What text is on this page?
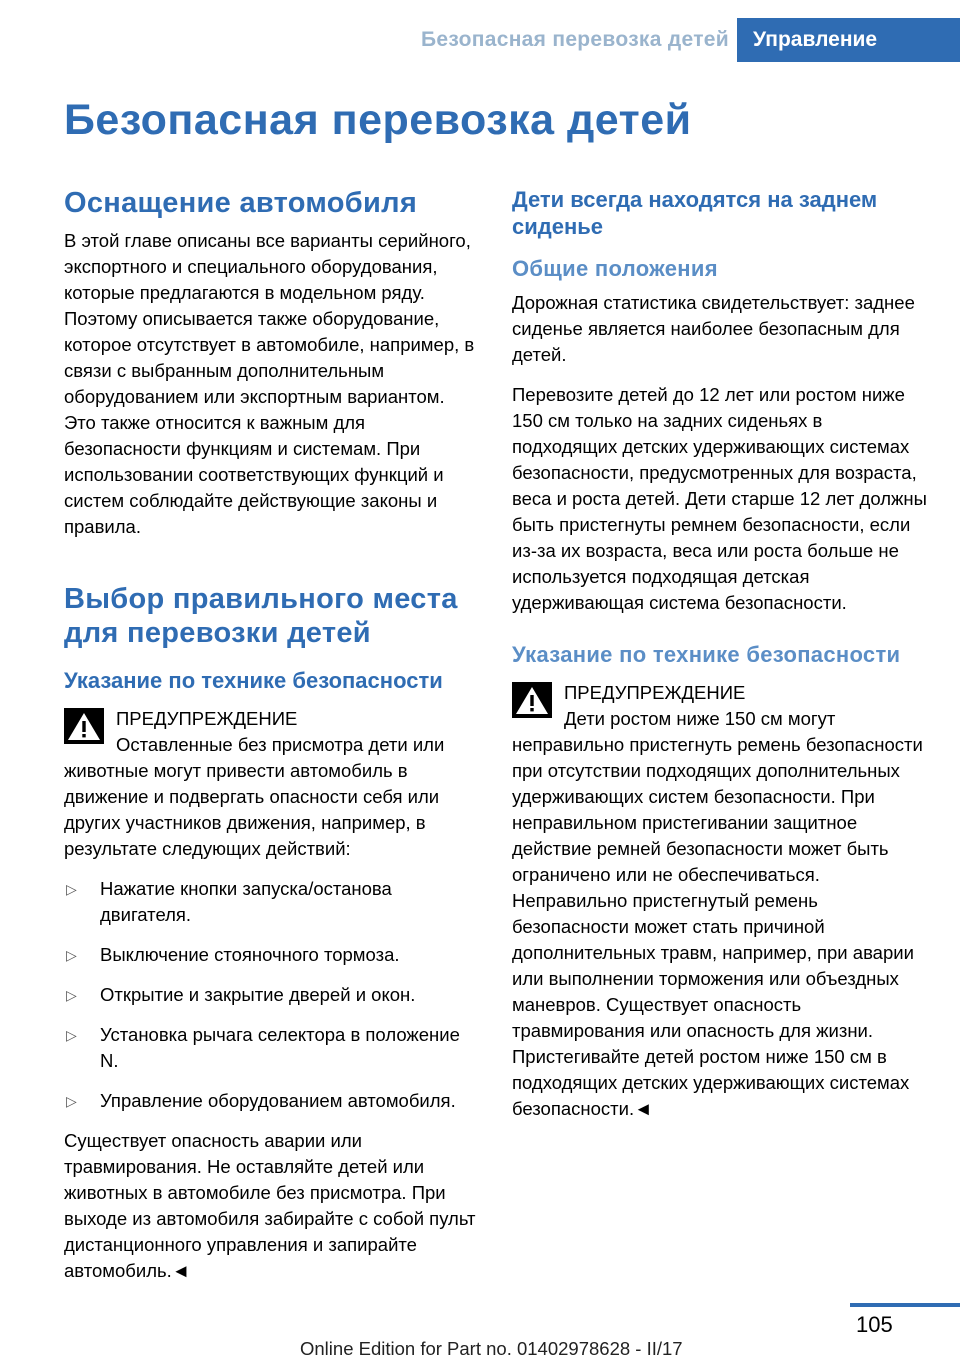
Безопасная перевозка детей	Управление
Безопасная перевозка детей
Оснащение автомобиля

В этой главе описаны все варианты серийного, экспортного и специального оборудования, которые предлагаются в модельном ряду. Поэтому описывается также оборудование, которое отсутствует в автомобиле, например, в связи с выбранным дополнительным оборудованием или экспортным вариантом. Это также относится к важным для безопасности функциям и системам. При использовании соответствующих функций и систем соблюдайте действующие законы и правила.

Выбор правильного места для перевозки детей
Указание по технике безопасности
ПРЕДУПРЕЖДЕНИЕ
Оставленные без присмотра дети или животные могут привести автомобиль в движение и подвергать опасности себя или других участников движения, например, в результате следующих действий:
▷ Нажатие кнопки запуска/останова двигателя.
▷ Выключение стояночного тормоза.
▷ Открытие и закрытие дверей и окон.
▷ Установка рычага селектора в положение N.
▷ Управление оборудованием автомобиля.

Существует опасность аварии или травмирования. Не оставляйте детей или животных в автомобиле без присмотра. При выходе из автомобиля забирайте с собой пульт дистанционного управления и запирайте автомобиль.◄

Дети всегда находятся на заднем сиденье
Общие положения

Дорожная статистика свидетельствует: заднее сиденье является наиболее безопасным для детей.

Перевозите детей до 12 лет или ростом ниже 150 см только на задних сиденьях в подходящих детских удерживающих системах безопасности, предусмотренных для возраста, веса и роста детей. Дети старше 12 лет должны быть пристегнуты ремнем безопасности, если из-за их возраста, веса или роста больше не используется подходящая детская удерживающая система безопасности.

Указание по технике безопасности
ПРЕДУПРЕЖДЕНИЕ
Дети ростом ниже 150 см могут неправильно пристегнуть ремень безопасности при отсутствии подходящих дополнительных удерживающих систем безопасности. При неправильном пристегивании защитное действие ремней безопасности может быть ограничено или не обеспечиваться. Неправильно пристегнутый ремень безопасности может стать причиной дополнительных травм, например, при аварии или выполнении торможения или объездных маневров. Существует опасность травмирования или опасность для жизни. Пристегивайте детей ростом ниже 150 см в подходящих детских удерживающих системах безопасности.◄
105
Online Edition for Part no. 01402978628 - II/17
